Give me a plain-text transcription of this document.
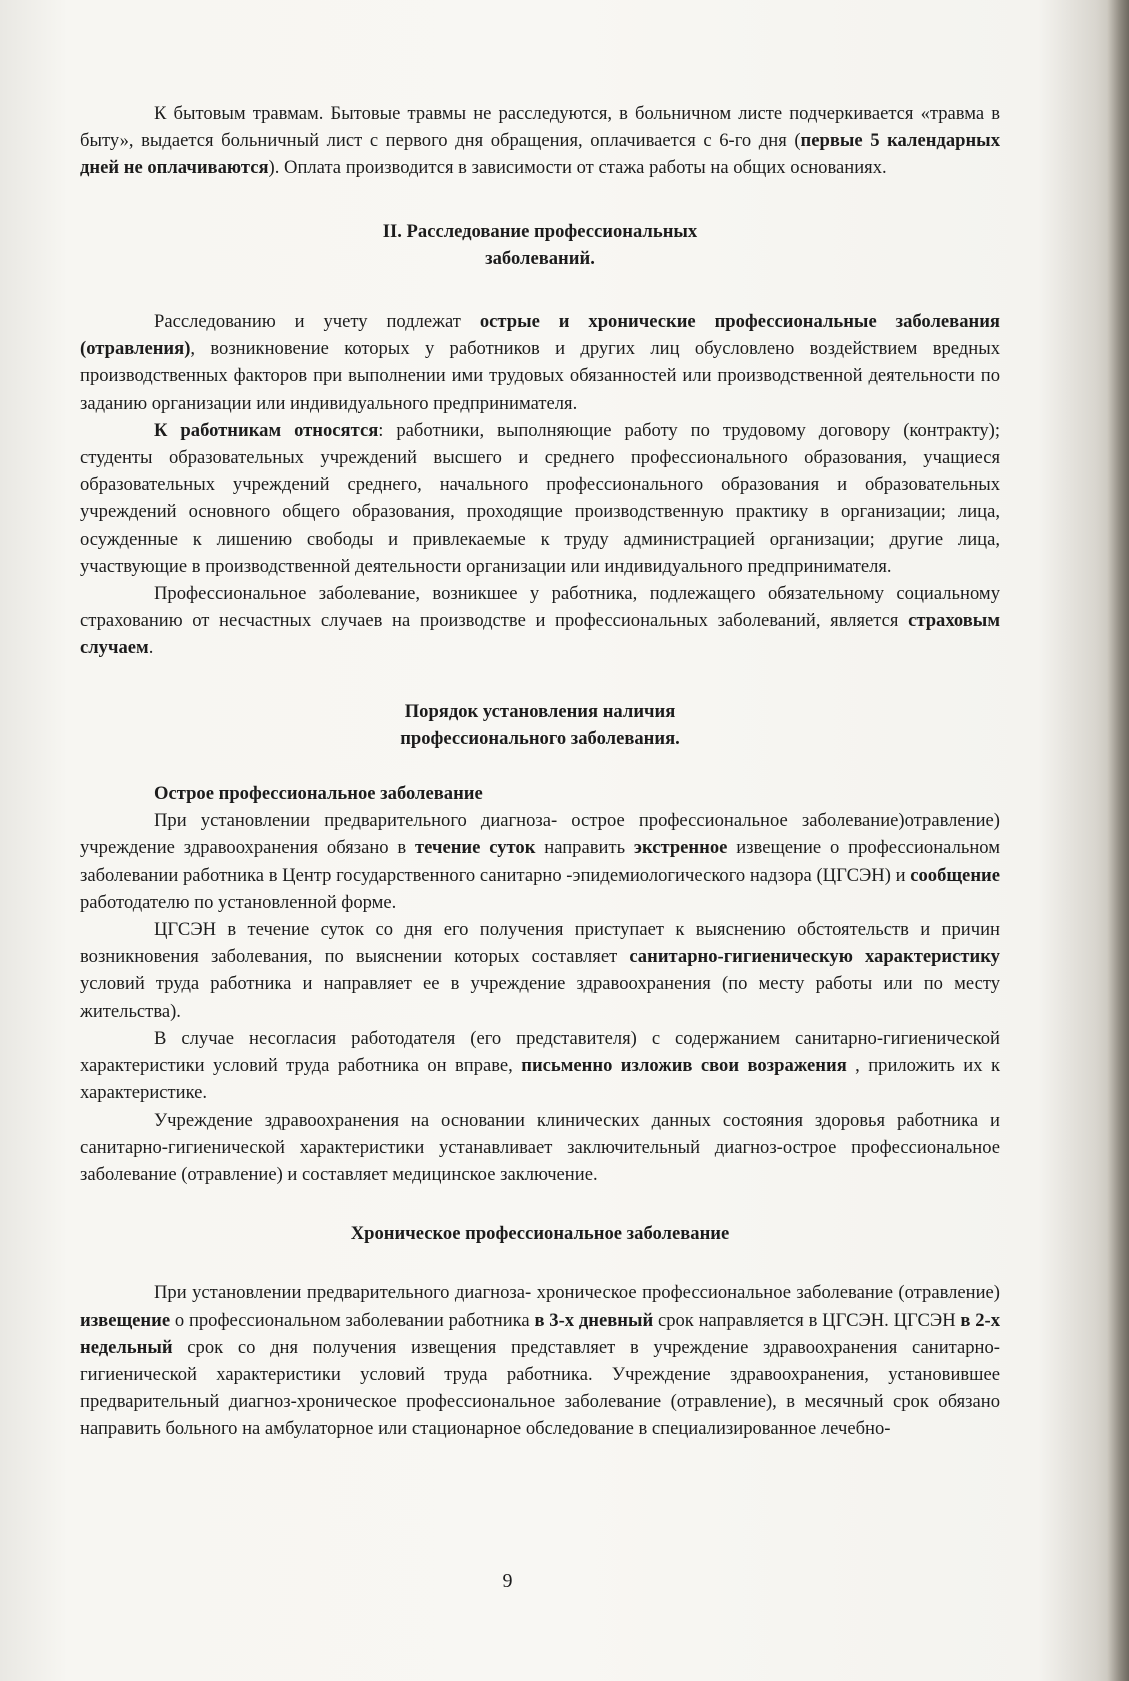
К бытовым травмам. Бытовые травмы не расследуются, в больничном листе подчеркивается «травма в быту», выдается больничный лист с первого дня обращения, оплачивается с 6-го дня (первые 5 календарных дней не оплачиваются). Оплата производится в зависимости от стажа работы на общих основаниях.

II. Расследование профессиональных
заболеваний.

Расследованию и учету подлежат острые и хронические профессиональные заболевания (отравления), возникновение которых у работников и других лиц обусловлено воздействием вредных производственных факторов при выполнении ими трудовых обязанностей или производственной деятельности по заданию организации или индивидуального предпринимателя.

К работникам относятся: работники, выполняющие работу по трудовому договору (контракту); студенты образовательных учреждений высшего и среднего профессионального образования, учащиеся образовательных учреждений среднего, начального профессионального образования и образовательных учреждений основного общего образования, проходящие производственную практику в организации; лица, осужденные к лишению свободы и привлекаемые к труду администрацией организации; другие лица, участвующие в производственной деятельности организации или индивидуального предпринимателя.

Профессиональное заболевание, возникшее у работника, подлежащего обязательному социальному страхованию от несчастных случаев на производстве и профессиональных заболеваний, является страховым случаем.

Порядок установления наличия
профессионального заболевания.
Острое профессиональное заболевание

При установлении предварительного диагноза- острое профессиональное заболевание)отравление) учреждение здравоохранения обязано в течение суток направить экстренное извещение о профессиональном заболевании работника в Центр государственного санитарно -эпидемиологического надзора (ЦГСЭН) и сообщение работодателю по установленной форме.

ЦГСЭН в течение суток со дня его получения приступает к выяснению обстоятельств и причин возникновения заболевания, по выяснении которых составляет санитарно-гигиеническую характеристику условий труда работника и направляет ее в учреждение здравоохранения (по месту работы или по месту жительства).

В случае несогласия работодателя (его представителя) с содержанием санитарно-гигиенической характеристики условий труда работника он вправе, письменно изложив свои возражения , приложить их к характеристике.

Учреждение здравоохранения на основании клинических данных состояния здоровья работника и санитарно-гигиенической характеристики устанавливает заключительный диагноз-острое профессиональное заболевание (отравление) и составляет медицинское заключение.

Хроническое профессиональное заболевание

При установлении предварительного диагноза- хроническое профессиональное заболевание (отравление) извещение о профессиональном заболевании работника в 3-х дневный срок направляется в ЦГСЭН. ЦГСЭН в 2-х недельный срок со дня получения извещения представляет в учреждение здравоохранения санитарно-гигиенической характеристики условий труда работника. Учреждение здравоохранения, установившее предварительный диагноз-хроническое профессиональное заболевание (отравление), в месячный срок обязано направить больного на амбулаторное или стационарное обследование в специализированное лечебно-

9
